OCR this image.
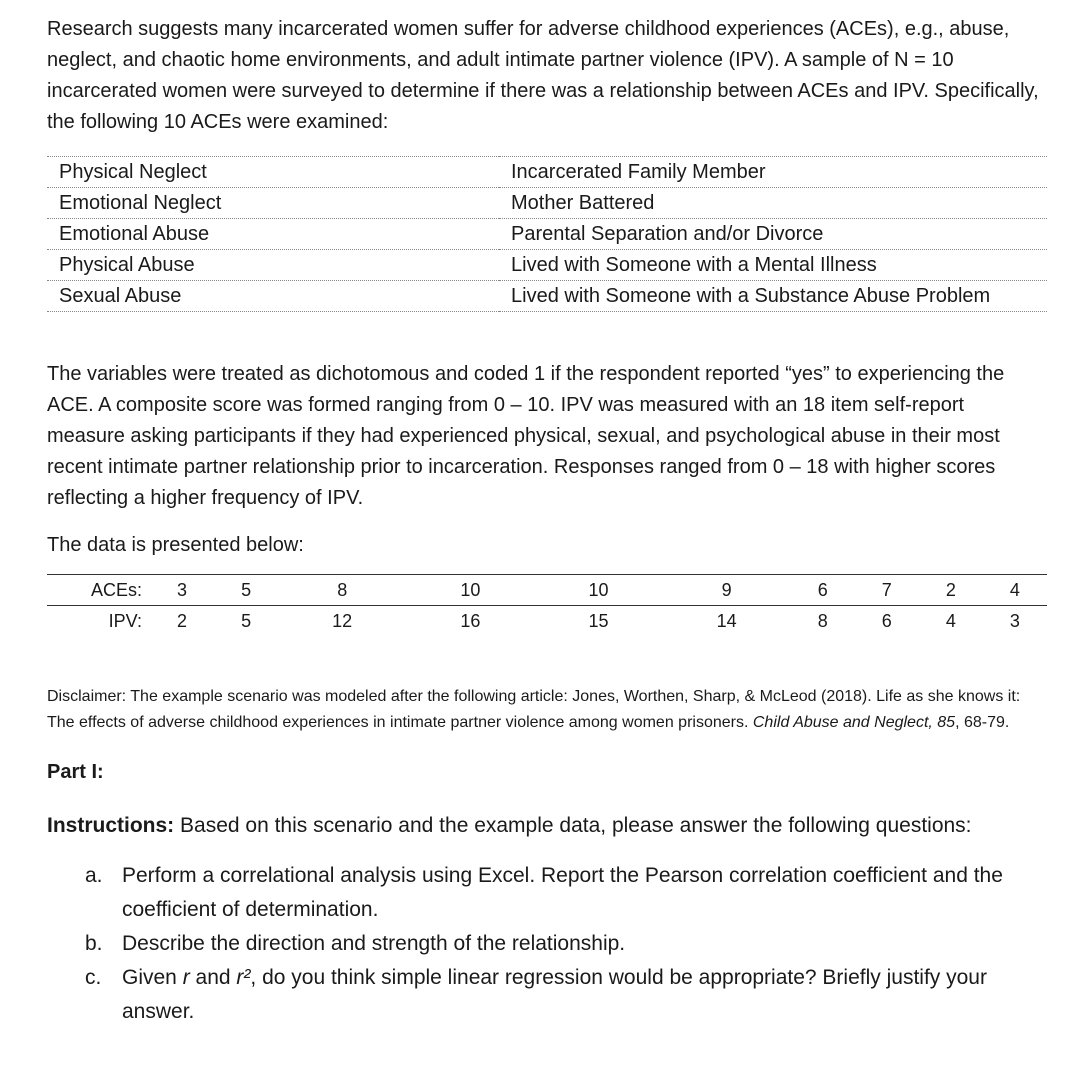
Research suggests many incarcerated women suffer for adverse childhood experiences (ACEs), e.g., abuse, neglect, and chaotic home environments, and adult intimate partner violence (IPV). A sample of N = 10 incarcerated women were surveyed to determine if there was a relationship between ACEs and IPV. Specifically, the following 10 ACEs were examined:

Physical Neglect	Incarcerated Family Member
Emotional Neglect	Mother Battered
Emotional Abuse	Parental Separation and/or Divorce
Physical Abuse	Lived with Someone with a Mental Illness
Sexual Abuse	Lived with Someone with a Substance Abuse Problem

The variables were treated as dichotomous and coded 1 if the respondent reported “yes” to experiencing the ACE. A composite score was formed ranging from 0 – 10. IPV was measured with an 18 item self-report measure asking participants if they had experienced physical, sexual, and psychological abuse in their most recent intimate partner relationship prior to incarceration. Responses ranged from 0 – 18 with higher scores reflecting a higher frequency of IPV.

The data is presented below:

ACEs:	3	5	8	10	10	9	6	7	2	4
IPV:	2	5	12	16	15	14	8	6	4	3

Disclaimer: The example scenario was modeled after the following article: Jones, Worthen, Sharp, & McLeod (2018). Life as she knows it: The effects of adverse childhood experiences in intimate partner violence among women prisoners. Child Abuse and Neglect, 85, 68-79.

Part I:

Instructions: Based on this scenario and the example data, please answer the following questions:

a. Perform a correlational analysis using Excel. Report the Pearson correlation coefficient and the coefficient of determination.
b. Describe the direction and strength of the relationship.
c. Given r and r², do you think simple linear regression would be appropriate? Briefly justify your answer.
